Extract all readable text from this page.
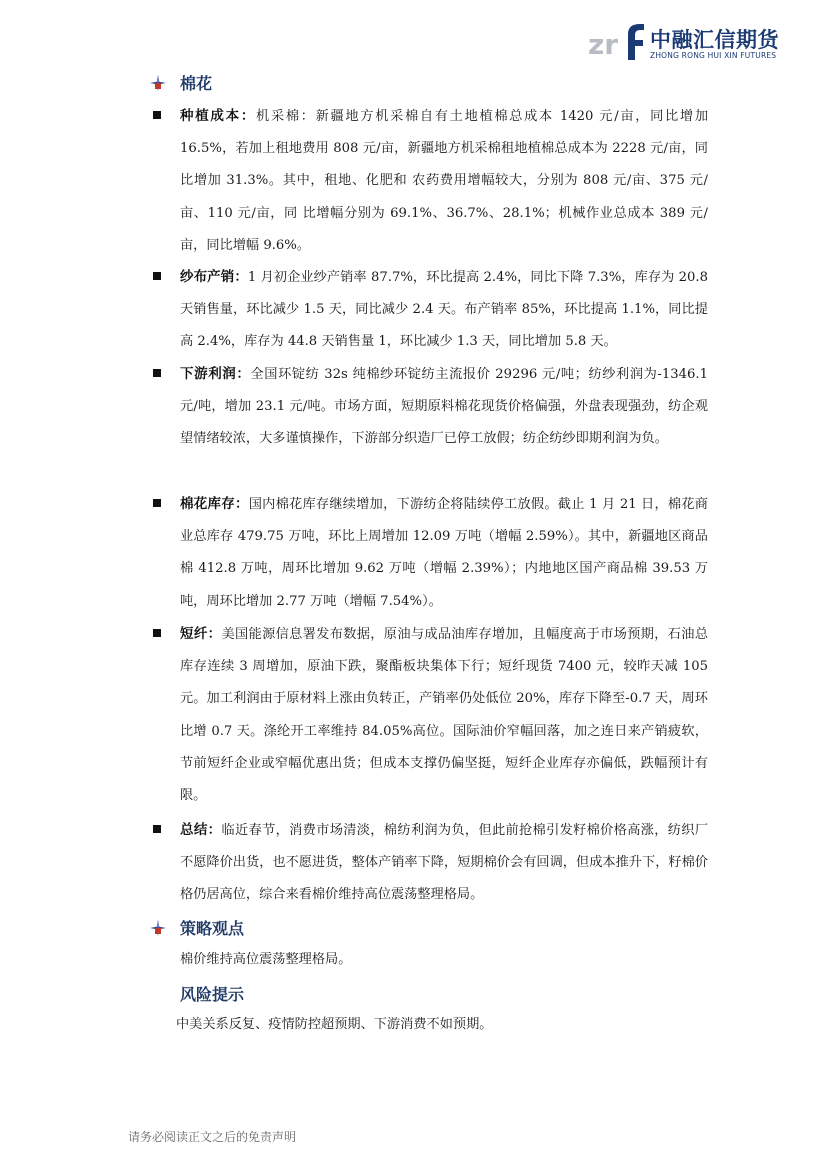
zr 中融汇信期货
ZHONG RONG HUI XIN FUTURES
棉花
种植成本：机采棉：新疆地方机采棉自有土地植棉总成本 1420 元/亩，同比增加 16.5%，若加上租地费用 808 元/亩，新疆地方机采棉租地植棉总成本为 2228 元/亩，同比增加 31.3%。其中，租地、化肥和 农药费用增幅较大，分别为 808 元/亩、375 元/亩、110 元/亩，同 比增幅分别为 69.1%、36.7%、28.1%；机械作业总成本 389 元/亩，同比增幅 9.6%。
纱布产销：1 月初企业纱产销率 87.7%，环比提高 2.4%，同比下降 7.3%，库存为 20.8 天销售量，环比减少 1.5 天，同比减少 2.4 天。布产销率 85%，环比提高 1.1%，同比提高 2.4%，库存为 44.8 天销售量 1，环比减少 1.3 天，同比增加 5.8 天。
下游利润：全国环锭纺 32s 纯棉纱环锭纺主流报价 29296 元/吨；纺纱利润为-1346.1 元/吨，增加 23.1 元/吨。市场方面，短期原料棉花现货价格偏强，外盘表现强劲，纺企观望情绪较浓，大多谨慎操作，下游部分织造厂已停工放假；纺企纺纱即期利润为负。
棉花库存：国内棉花库存继续增加，下游纺企将陆续停工放假。截止 1 月 21 日，棉花商业总库存 479.75 万吨，环比上周增加 12.09 万吨（增幅 2.59%）。其中，新疆地区商品棉 412.8 万吨，周环比增加 9.62 万吨（增幅 2.39%）；内地地区国产商品棉 39.53 万吨，周环比增加 2.77 万吨（增幅 7.54%）。
短纤：美国能源信息署发布数据，原油与成品油库存增加，且幅度高于市场预期，石油总库存连续 3 周增加，原油下跌，聚酯板块集体下行；短纤现货 7400 元，较昨天减 105 元。加工利润由于原材料上涨由负转正，产销率仍处低位 20%，库存下降至-0.7 天，周环比增 0.7 天。涤纶开工率维持 84.05%高位。国际油价窄幅回落，加之连日来产销疲软，节前短纤企业或窄幅优惠出货；但成本支撑仍偏坚挺，短纤企业库存亦偏低，跌幅预计有限。
总结：临近春节，消费市场清淡，棉纺利润为负，但此前抢棉引发籽棉价格高涨，纺织厂不愿降价出货，也不愿进货，整体产销率下降，短期棉价会有回调，但成本推升下，籽棉价格仍居高位，综合来看棉价维持高位震荡整理格局。
策略观点
棉价维持高位震荡整理格局。
风险提示
中美关系反复、疫情防控超预期、下游消费不如预期。
请务必阅读正文之后的免责声明
